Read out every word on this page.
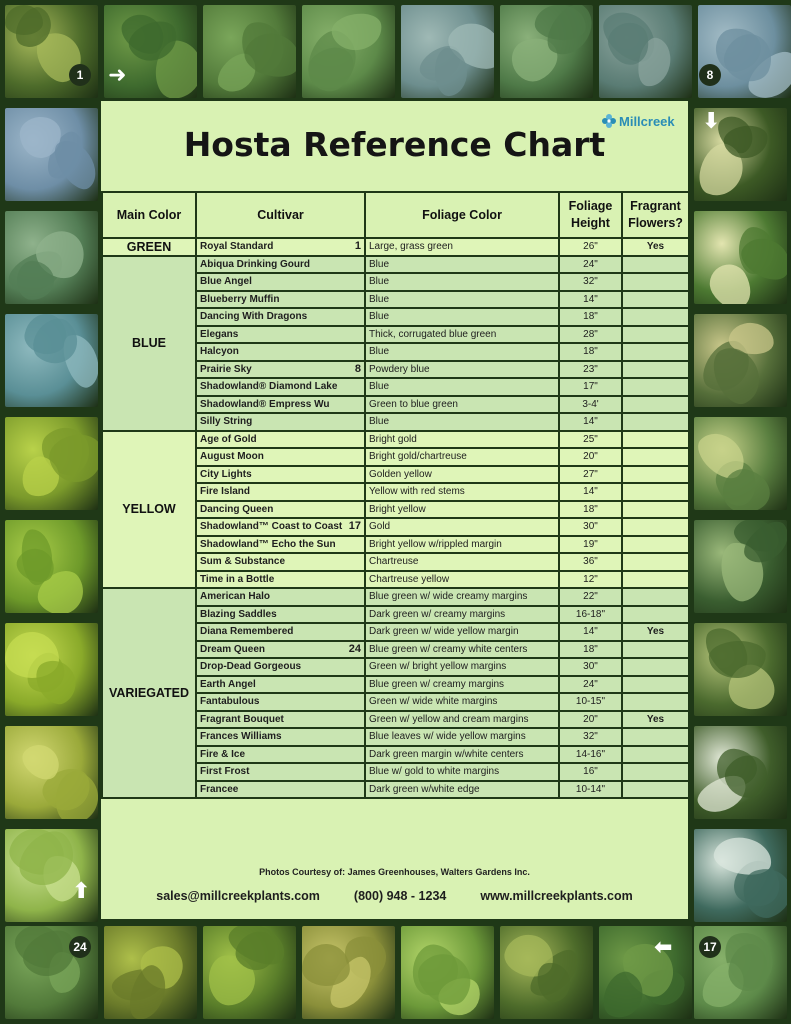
1	➜	8
⬇
24
⬆
17
⬅
Millcreek
Hosta Reference Chart
Main Color	Cultivar	Foliage Color	Foliage Height	Fragrant Flowers?
GREEN	Royal Standard 1	Large, grass green	26"	Yes
BLUE	Abiqua Drinking Gourd	Blue	24"	
	Blue Angel	Blue	32"	
	Blueberry Muffin	Blue	14"	
	Dancing With Dragons	Blue	18"	
	Elegans	Thick, corrugated blue green	28"	
	Halcyon	Blue	18"	
	Prairie Sky 8	Powdery blue	23"	
	Shadowland® Diamond Lake	Blue	17"	
	Shadowland® Empress Wu	Green to blue green	3-4'	
	Silly String	Blue	14"	
YELLOW	Age of Gold	Bright gold	25"	
	August Moon	Bright gold/chartreuse	20"	
	City Lights	Golden yellow	27"	
	Fire Island	Yellow with red stems	14"	
	Dancing Queen	Bright yellow	18"	
	Shadowland™ Coast to Coast 17	Gold	30"	
	Shadowland™ Echo the Sun	Bright yellow w/rippled margin	19"	
	Sum & Substance	Chartreuse	36"	
	Time in a Bottle	Chartreuse yellow	12"	
VARIEGATED	American Halo	Blue green w/ wide creamy margins	22"	
	Blazing Saddles	Dark green w/ creamy margins	16-18"	
	Diana Remembered	Dark green w/ wide yellow margin	14"	Yes
	Dream Queen 24	Blue green w/ creamy white centers	18"	
	Drop-Dead Gorgeous	Green w/ bright yellow margins	30"	
	Earth Angel	Blue green w/ creamy margins	24"	
	Fantabulous	Green w/ wide white margins	10-15"	
	Fragrant Bouquet	Green w/ yellow and cream margins	20"	Yes
	Frances Williams	Blue leaves w/ wide yellow margins	32"	
	Fire & Ice	Dark green margin w/white centers	14-16"	
	First Frost	Blue w/ gold to white margins	16"	
	Francee	Dark green w/white edge	10-14"	
Photos Courtesy of: James Greenhouses, Walters Gardens Inc.
sales@millcreekplants.com	(800) 948 - 1234	www.millcreekplants.com
